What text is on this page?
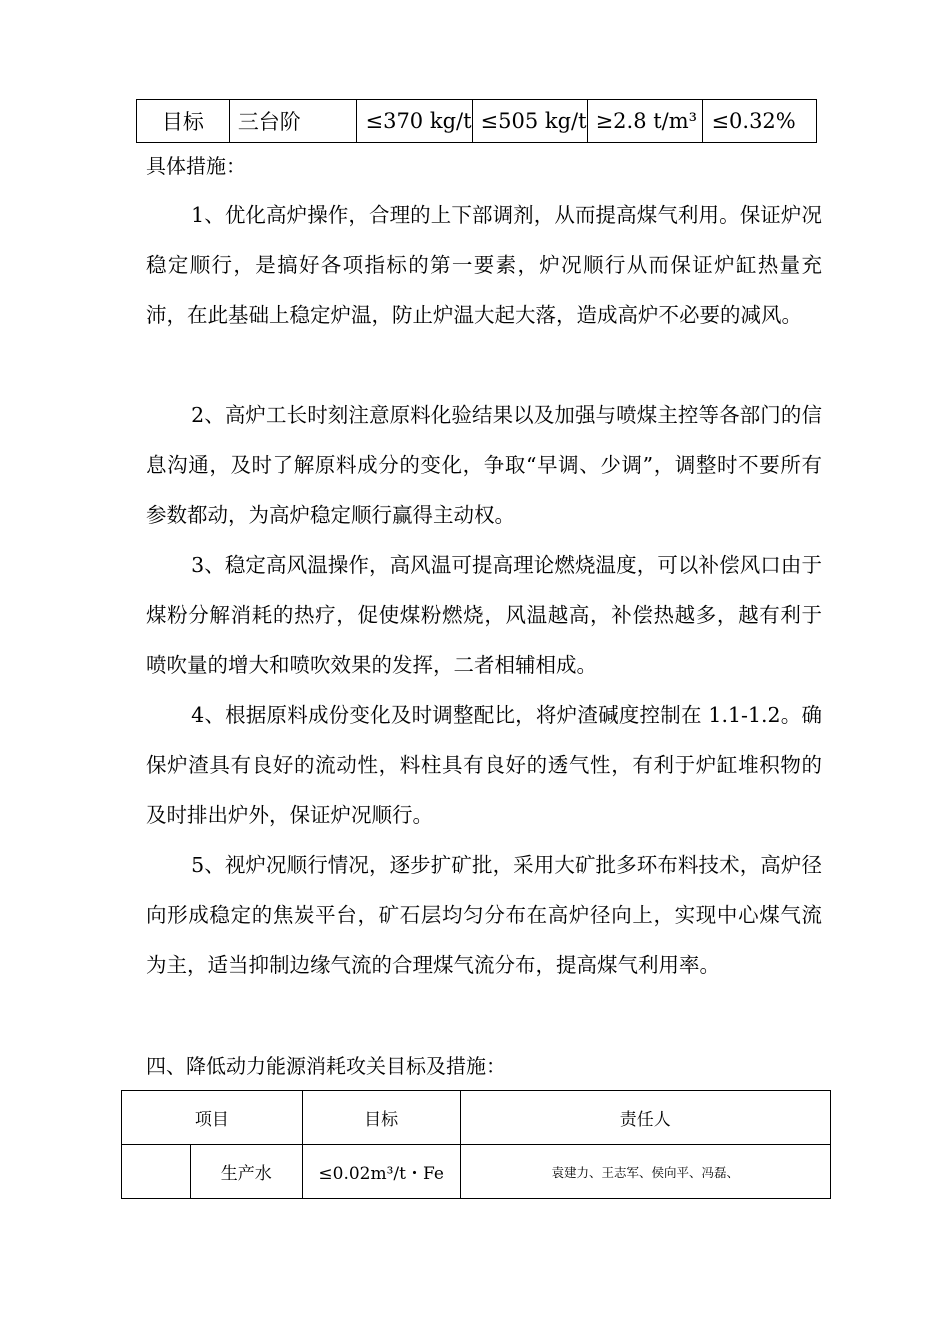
目标	三台阶	≤370 kg/t	≤505 kg/t	≥2.8 t/m³	≤0.32%
具体措施：

1、优化高炉操作，合理的上下部调剂，从而提高煤气利用。保证炉况稳定顺行，是搞好各项指标的第一要素，炉况顺行从而保证炉缸热量充沛，在此基础上稳定炉温，防止炉温大起大落，造成高炉不必要的减风。

2、高炉工长时刻注意原料化验结果以及加强与喷煤主控等各部门的信息沟通，及时了解原料成分的变化，争取“早调、少调”，调整时不要所有参数都动，为高炉稳定顺行赢得主动权。

3、稳定高风温操作，高风温可提高理论燃烧温度，可以补偿风口由于煤粉分解消耗的热疗，促使煤粉燃烧，风温越高，补偿热越多，越有利于喷吹量的增大和喷吹效果的发挥，二者相辅相成。

4、根据原料成份变化及时调整配比，将炉渣碱度控制在 1.1-1.2。确保炉渣具有良好的流动性，料柱具有良好的透气性，有利于炉缸堆积物的及时排出炉外，保证炉况顺行。

5、视炉况顺行情况，逐步扩矿批，采用大矿批多环布料技术，高炉径向形成稳定的焦炭平台，矿石层均匀分布在高炉径向上，实现中心煤气流为主，适当抑制边缘气流的合理煤气流分布，提高煤气利用率。

四、降低动力能源消耗攻关目标及措施：
项目		目标	责任人
	生产水	≤0.02m³/t・Fe	袁建力、王志军、侯向平、冯磊、
